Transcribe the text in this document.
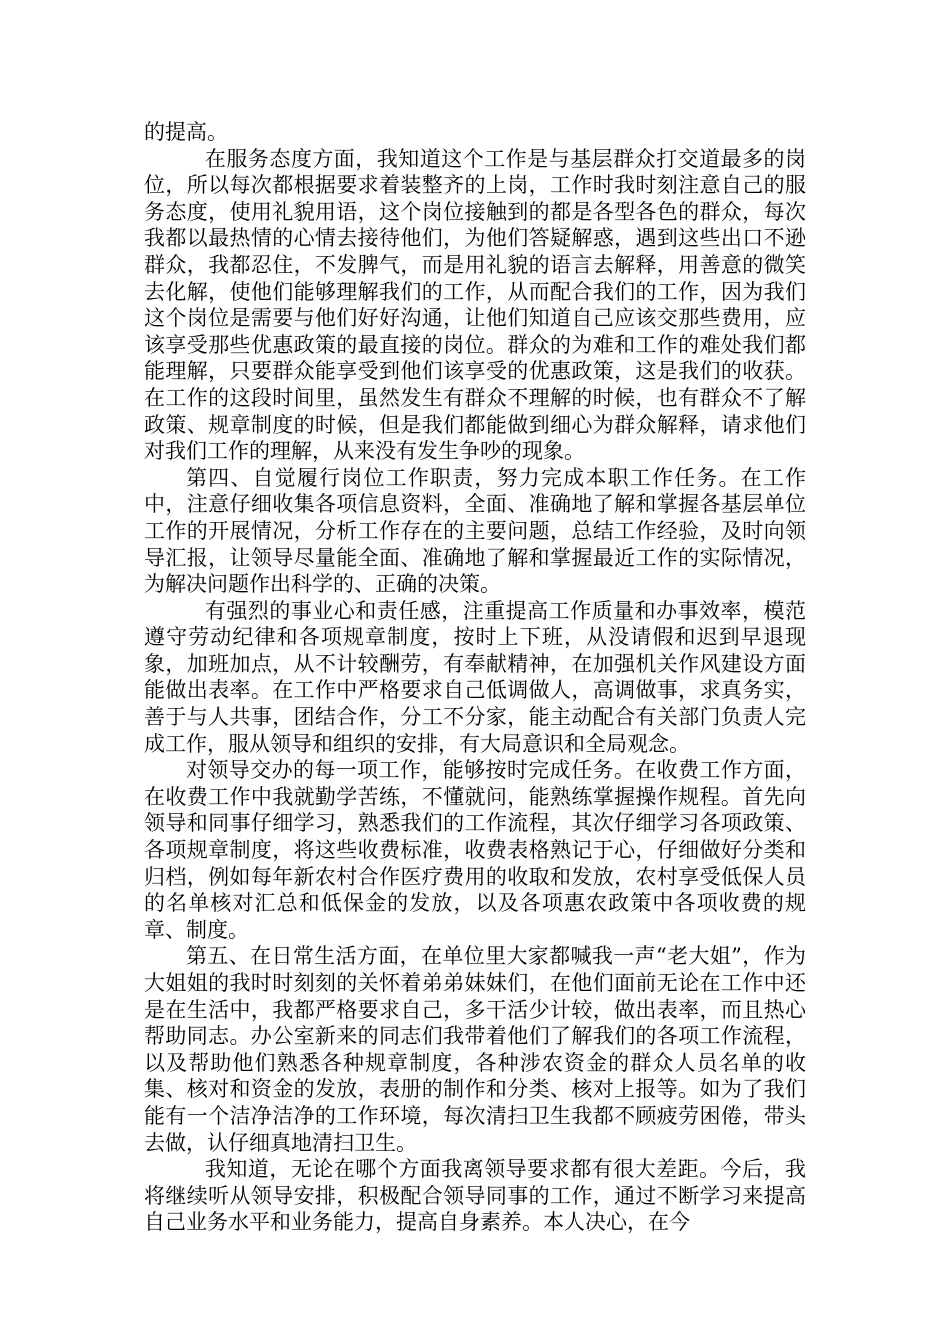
的提高。

在服务态度方面，我知道这个工作是与基层群众打交道最多的岗位，所以每次都根据要求着装整齐的上岗，工作时我时刻注意自己的服务态度，使用礼貌用语，这个岗位接触到的都是各型各色的群众，每次我都以最热情的心情去接待他们，为他们答疑解惑，遇到这些出口不逊群众，我都忍住，不发脾气，而是用礼貌的语言去解释，用善意的微笑去化解，使他们能够理解我们的工作，从而配合我们的工作，因为我们这个岗位是需要与他们好好沟通，让他们知道自己应该交那些费用，应该享受那些优惠政策的最直接的岗位。群众的为难和工作的难处我们都能理解，只要群众能享受到他们该享受的优惠政策，这是我们的收获。在工作的这段时间里，虽然发生有群众不理解的时候，也有群众不了解政策、规章制度的时候，但是我们都能做到细心为群众解释，请求他们对我们工作的理解，从来没有发生争吵的现象。

第四、自觉履行岗位工作职责，努力完成本职工作任务。在工作中，注意仔细收集各项信息资料，全面、准确地了解和掌握各基层单位工作的开展情况，分析工作存在的主要问题，总结工作经验，及时向领导汇报，让领导尽量能全面、准确地了解和掌握最近工作的实际情况，为解决问题作出科学的、正确的决策。

有强烈的事业心和责任感，注重提高工作质量和办事效率，模范遵守劳动纪律和各项规章制度，按时上下班，从没请假和迟到早退现象，加班加点，从不计较酬劳，有奉献精神，在加强机关作风建设方面能做出表率。在工作中严格要求自己低调做人，高调做事，求真务实，善于与人共事，团结合作，分工不分家，能主动配合有关部门负责人完成工作，服从领导和组织的安排，有大局意识和全局观念。

对领导交办的每一项工作，能够按时完成任务。在收费工作方面，在收费工作中我就勤学苦练，不懂就问，能熟练掌握操作规程。首先向领导和同事仔细学习，熟悉我们的工作流程，其次仔细学习各项政策、各项规章制度，将这些收费标准，收费表格熟记于心，仔细做好分类和归档，例如每年新农村合作医疗费用的收取和发放，农村享受低保人员的名单核对汇总和低保金的发放，以及各项惠农政策中各项收费的规章、制度。

第五、在日常生活方面，在单位里大家都喊我一声“老大姐”，作为大姐姐的我时时刻刻的关怀着弟弟妹妹们，在他们面前无论在工作中还是在生活中，我都严格要求自己，多干活少计较，做出表率，而且热心帮助同志。办公室新来的同志们我带着他们了解我们的各项工作流程，以及帮助他们熟悉各种规章制度，各种涉农资金的群众人员名单的收集、核对和资金的发放，表册的制作和分类、核对上报等。如为了我们能有一个洁净洁净的工作环境，每次清扫卫生我都不顾疲劳困倦，带头去做，认仔细真地清扫卫生。

我知道，无论在哪个方面我离领导要求都有很大差距。今后，我将继续听从领导安排，积极配合领导同事的工作，通过不断学习来提高自己业务水平和业务能力，提高自身素养。本人决心，在今
